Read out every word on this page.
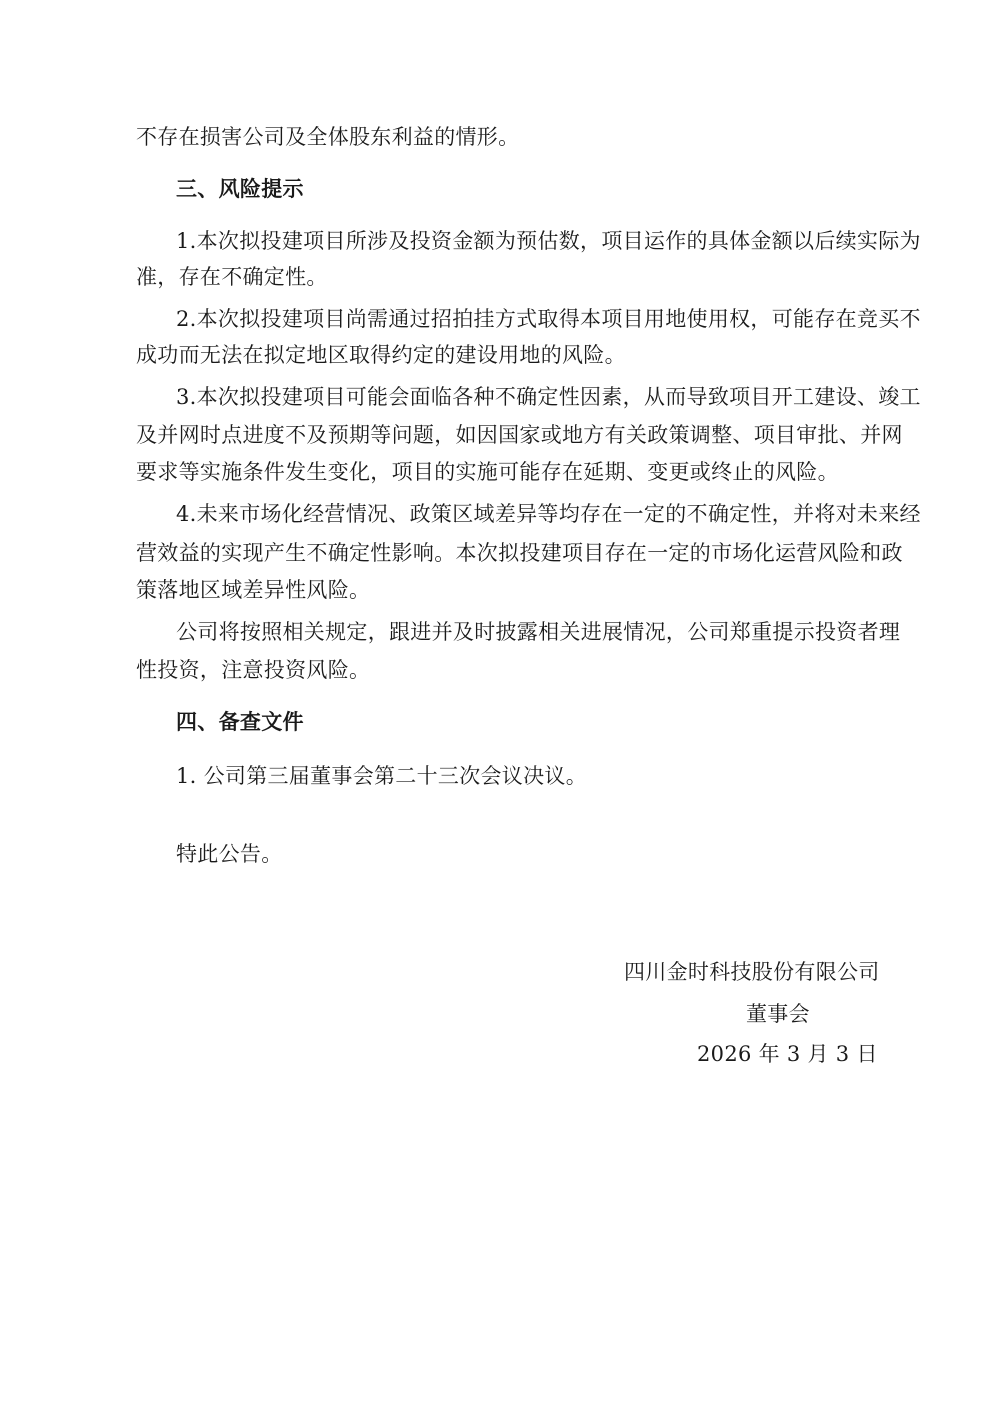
不存在损害公司及全体股东利益的情形。
三、风险提示
1.本次拟投建项目所涉及投资金额为预估数，项目运作的具体金额以后续实际为
准，存在不确定性。
2.本次拟投建项目尚需通过招拍挂方式取得本项目用地使用权，可能存在竞买不
成功而无法在拟定地区取得约定的建设用地的风险。
3.本次拟投建项目可能会面临各种不确定性因素，从而导致项目开工建设、竣工
及并网时点进度不及预期等问题，如因国家或地方有关政策调整、项目审批、并网
要求等实施条件发生变化，项目的实施可能存在延期、变更或终止的风险。
4.未来市场化经营情况、政策区域差异等均存在一定的不确定性，并将对未来经
营效益的实现产生不确定性影响。本次拟投建项目存在一定的市场化运营风险和政
策落地区域差异性风险。
公司将按照相关规定，跟进并及时披露相关进展情况，公司郑重提示投资者理
性投资，注意投资风险。
四、备查文件
1. 公司第三届董事会第二十三次会议决议。
特此公告。
四川金时科技股份有限公司
董事会
2026 年 3 月 3 日
